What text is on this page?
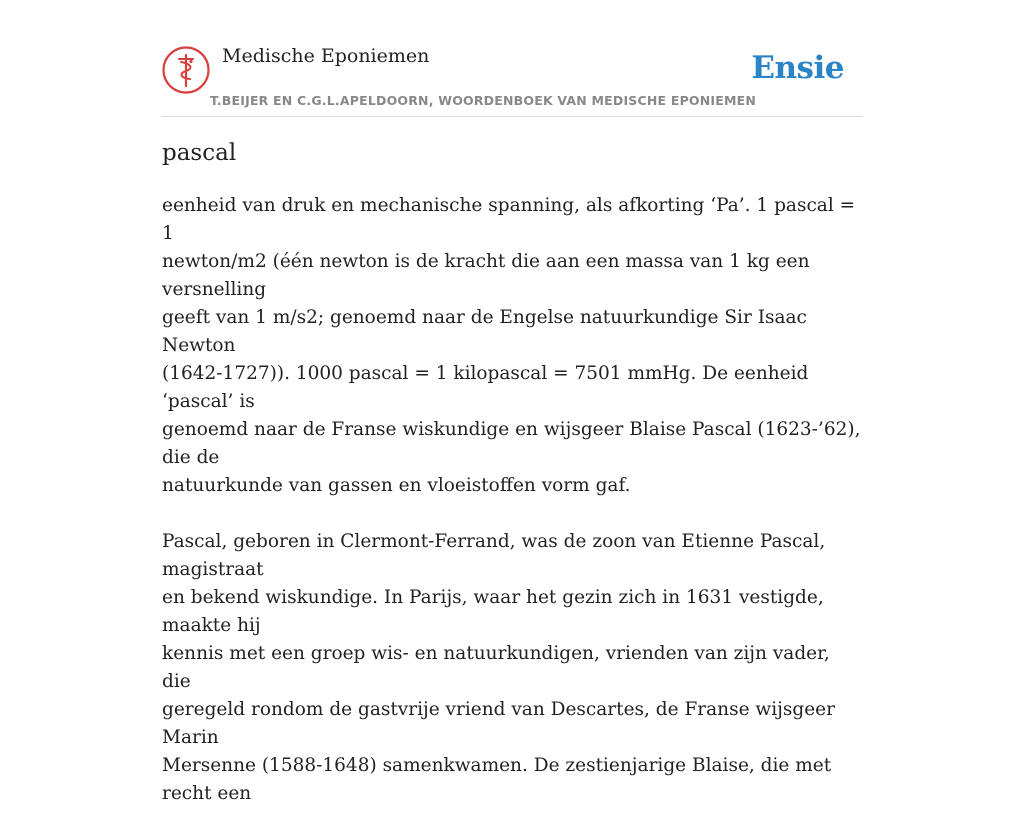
Medische Eponiemen
T.BEIJER EN C.G.L.APELDOORN, WOORDENBOEK VAN MEDISCHE EPONIEMEN
Ensie
pascal

eenheid van druk en mechanische spanning, als afkorting ‘Pa’. 1 pascal = 1
newton/m2 (één newton is de kracht die aan een massa van 1 kg een versnelling
geeft van 1 m/s2; genoemd naar de Engelse natuurkundige Sir Isaac Newton
(1642-1727)). 1000 pascal = 1 kilopascal = 7501 mmHg. De eenheid ‘pascal’ is
genoemd naar de Franse wiskundige en wijsgeer Blaise Pascal (1623-’62), die de
natuurkunde van gassen en vloeistoffen vorm gaf.

Pascal, geboren in Clermont-Ferrand, was de zoon van Etienne Pascal, magistraat
en bekend wiskundige. In Parijs, waar het gezin zich in 1631 vestigde, maakte hij
kennis met een groep wis- en natuurkundigen, vrienden van zijn vader, die
geregeld rondom de gastvrije vriend van Descartes, de Franse wijsgeer Marin
Mersenne (1588-1648) samenkwamen. De zestienjarige Blaise, die met recht een
